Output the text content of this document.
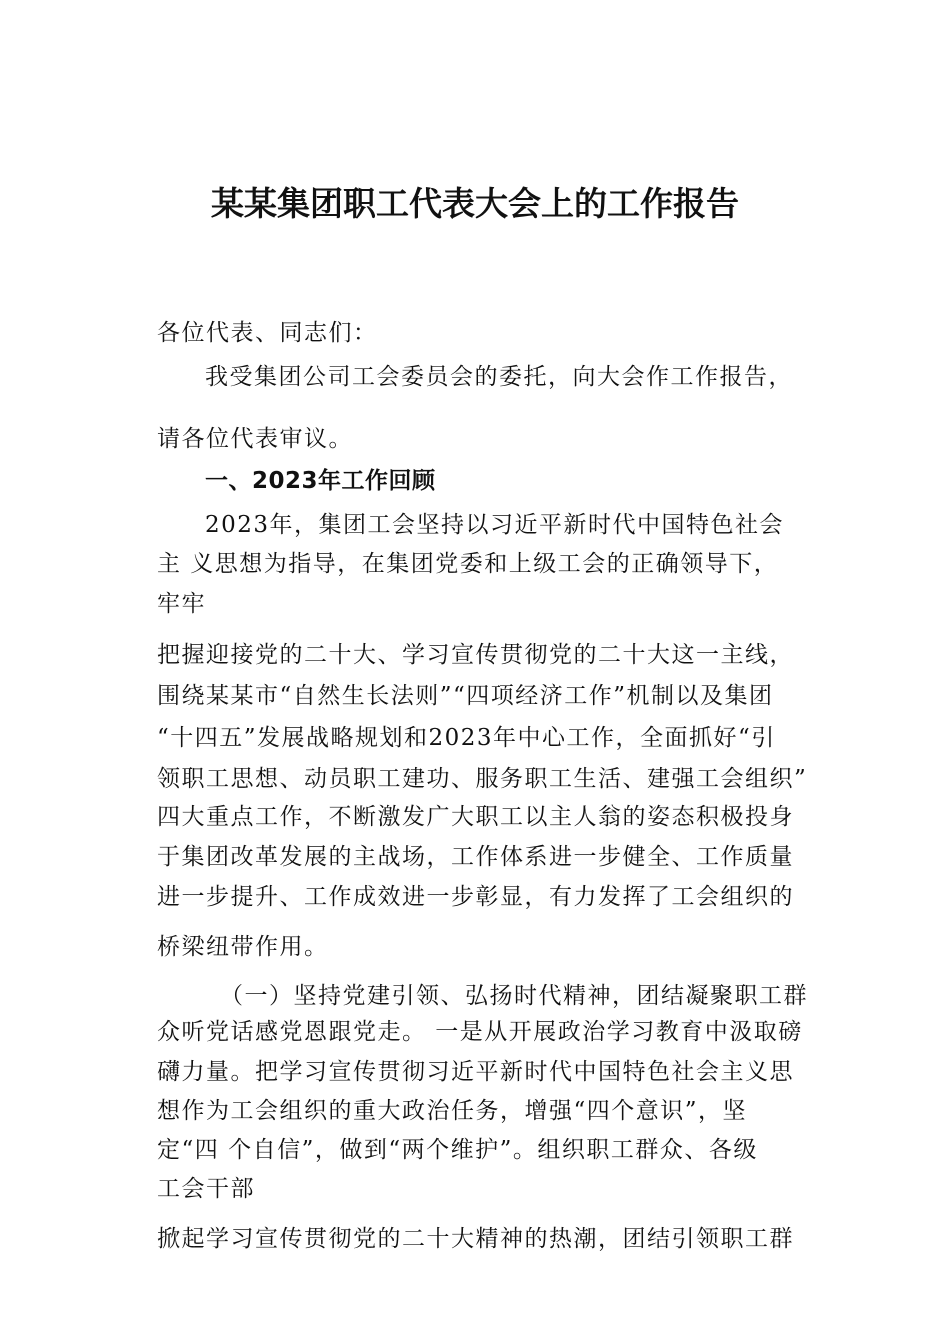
某某集团职工代表大会上的工作报告
各位代表、同志们：
我受集团公司工会委员会的委托，向大会作工作报告，
请各位代表审议。
一、2023年工作回顾
2023年，集团工会坚持以习近平新时代中国特色社会
主 义思想为指导，在集团党委和上级工会的正确领导下，
牢牢
把握迎接党的二十大、学习宣传贯彻党的二十大这一主线，
围绕某某市“自然生长法则”“四项经济工作”机制以及集团
“十四五”发展战略规划和2023年中心工作，全面抓好“引
领职工思想、动员职工建功、服务职工生活、建强工会组织”
四大重点工作，不断激发广大职工以主人翁的姿态积极投身
于集团改革发展的主战场，工作体系进一步健全、工作质量
进一步提升、工作成效进一步彰显，有力发挥了工会组织的
桥梁纽带作用。
（一）坚持党建引领、弘扬时代精神，团结凝聚职工群
众听党话感党恩跟党走。 一是从开展政治学习教育中汲取磅
礴力量。把学习宣传贯彻习近平新时代中国特色社会主义思
想作为工会组织的重大政治任务，增强“四个意识”，坚
定“四 个自信”，做到“两个维护”。组织职工群众、各级
工会干部
掀起学习宣传贯彻党的二十大精神的热潮，团结引领职工群
